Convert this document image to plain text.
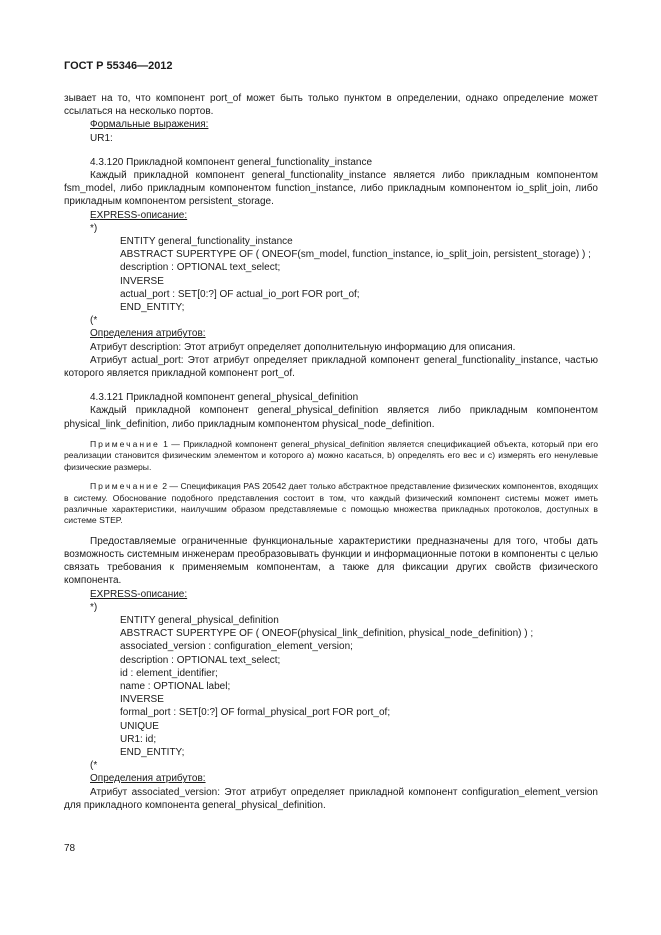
ГОСТ Р 55346—2012

зывает на то, что компонент port_of может быть только пунктом в определении, однако определение может ссылаться на несколько портов.

Формальные выражения:

UR1:

4.3.120 Прикладной компонент general_functionality_instance

Каждый прикладной компонент general_functionality_instance является либо прикладным компонентом fsm_model, либо прикладным компонентом function_instance, либо прикладным компонентом io_split_join, либо прикладным компонентом persistent_storage.

EXPRESS-описание:

*)

ENTITY general_functionality_instance

ABSTRACT SUPERTYPE OF ( ONEOF(sm_model, function_instance, io_split_join, persistent_storage) ) ;

description : OPTIONAL text_select;

INVERSE

actual_port : SET[0:?] OF actual_io_port FOR port_of;

END_ENTITY;

(*

Определения атрибутов:

Атрибут description: Этот атрибут определяет дополнительную информацию для описания.

Атрибут actual_port: Этот атрибут определяет прикладной компонент general_functionality_instance, частью которого является прикладной компонент port_of.

4.3.121 Прикладной компонент general_physical_definition

Каждый прикладной компонент general_physical_definition является либо прикладным компонентом physical_link_definition, либо прикладным компонентом physical_node_definition.

Примечание 1 — Прикладной компонент general_physical_definition является спецификацией объекта, который при его реализации становится физическим элементом и которого a) можно касаться, b) определять его вес и c) измерять его ненулевые физические размеры.

Примечание 2 — Спецификация PAS 20542 дает только абстрактное представление физических компонентов, входящих в систему. Обоснование подобного представления состоит в том, что каждый физический компонент системы может иметь различные характеристики, наилучшим образом представляемые с помощью множества прикладных протоколов, доступных в системе STEP.

Предоставляемые ограниченные функциональные характеристики предназначены для того, чтобы дать возможность системным инженерам преобразовывать функции и информационные потоки в компоненты с целью связать требования к применяемым компонентам, а также для фиксации других свойств физического компонента.

EXPRESS-описание:

*)

ENTITY general_physical_definition

ABSTRACT SUPERTYPE OF ( ONEOF(physical_link_definition, physical_node_definition) ) ;

associated_version : configuration_element_version;

description : OPTIONAL text_select;

id : element_identifier;

name : OPTIONAL label;

INVERSE

formal_port : SET[0:?] OF formal_physical_port FOR port_of;

UNIQUE

UR1: id;

END_ENTITY;

(*

Определения атрибутов:

Атрибут associated_version: Этот атрибут определяет прикладной компонент configuration_element_version для прикладного компонента general_physical_definition.

78
